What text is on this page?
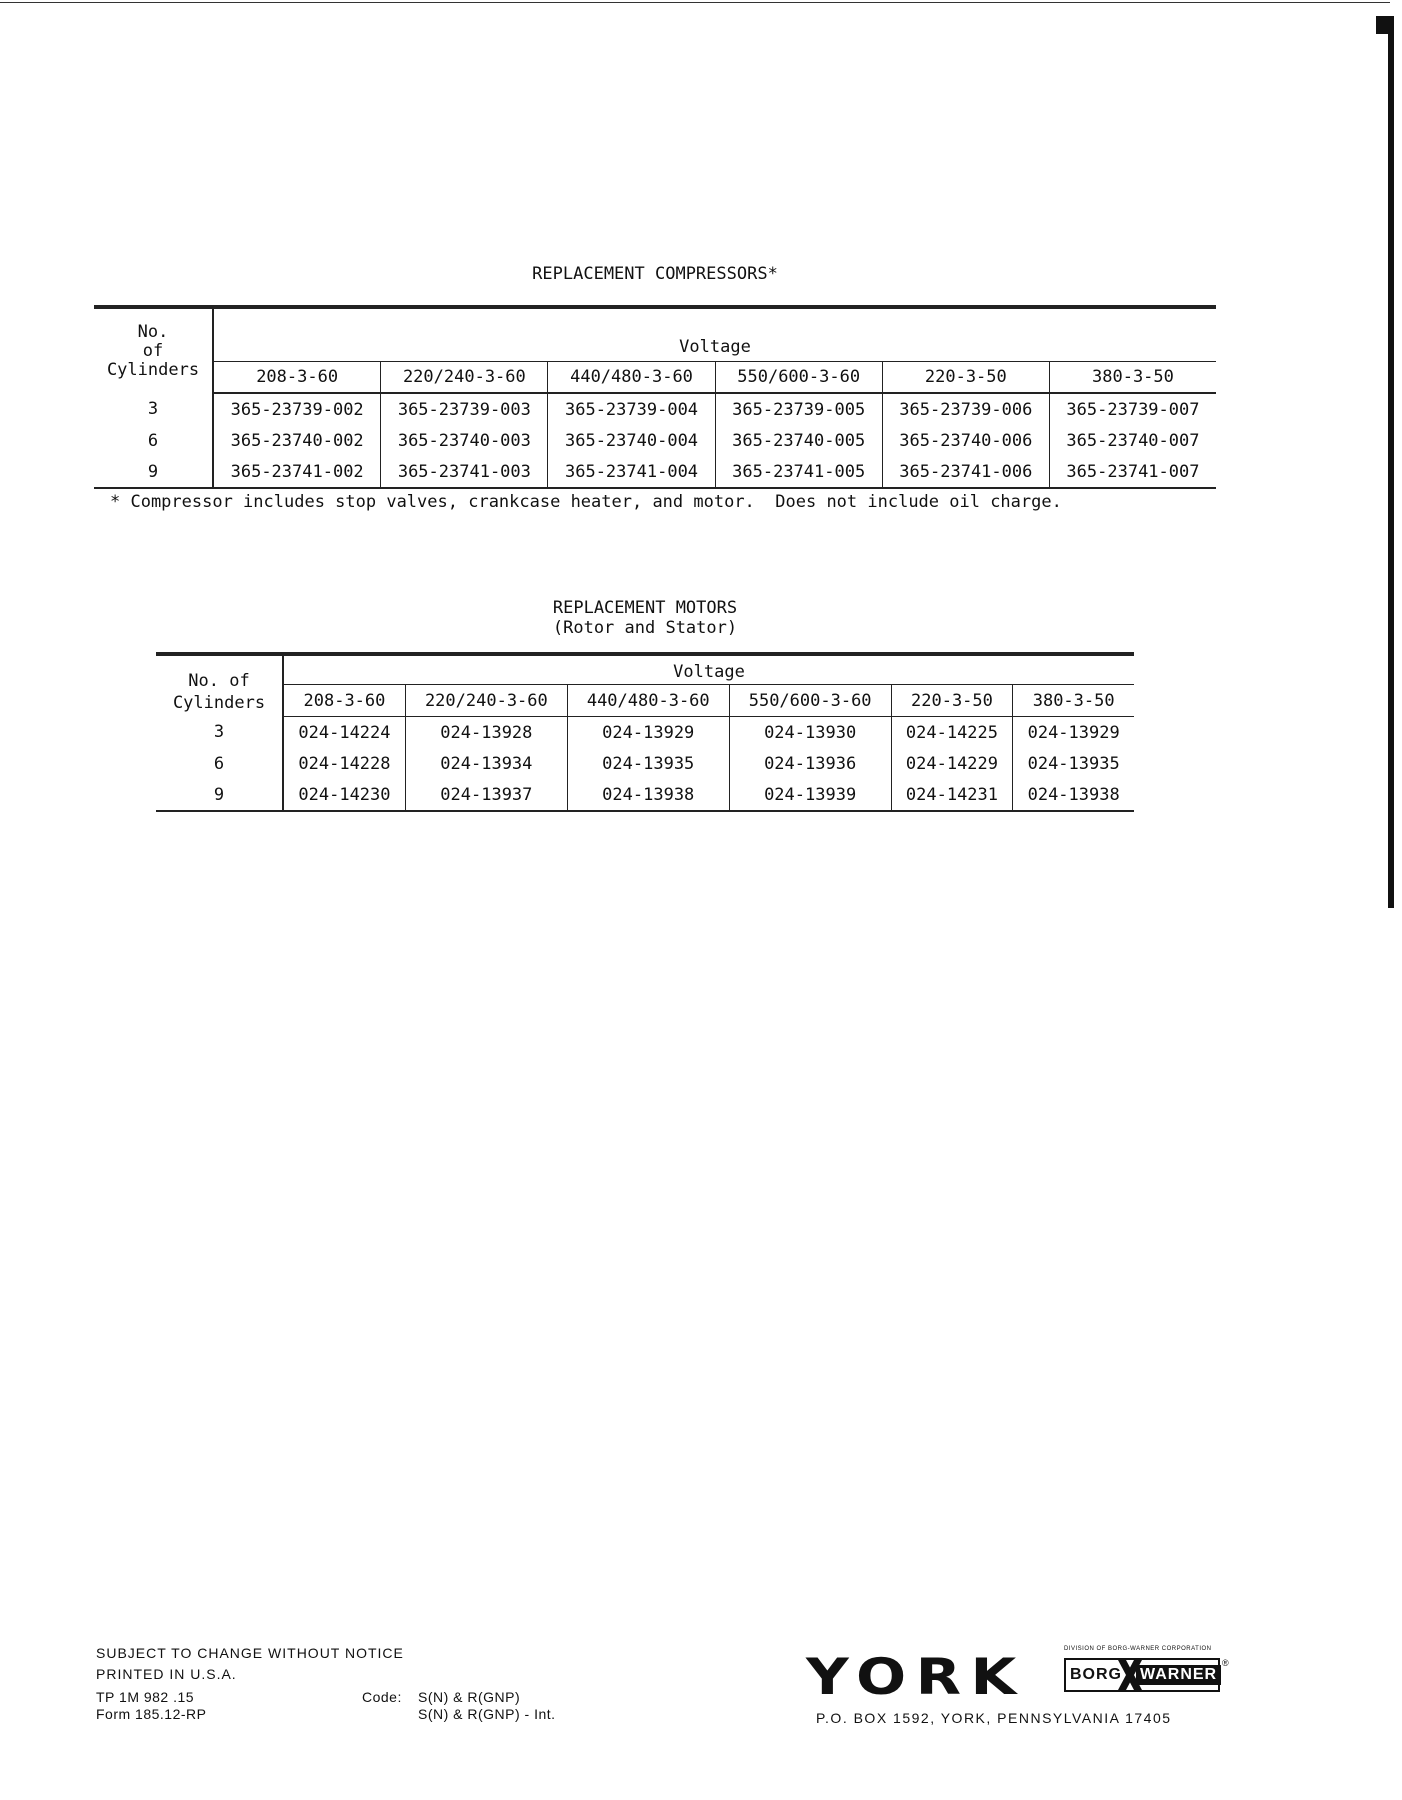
REPLACEMENT COMPRESSORS*
No.
of
Cylinders	Voltage					
	208-3-60	220/240-3-60	440/480-3-60	550/600-3-60	220-3-50	380-3-50
3	365-23739-002	365-23739-003	365-23739-004	365-23739-005	365-23739-006	365-23739-007
6	365-23740-002	365-23740-003	365-23740-004	365-23740-005	365-23740-006	365-23740-007
9	365-23741-002	365-23741-003	365-23741-004	365-23741-005	365-23741-006	365-23741-007
* Compressor includes stop valves, crankcase heater, and motor.  Does not include oil charge.
REPLACEMENT MOTORS
(Rotor and Stator)
No. of
Cylinders	Voltage					
	208-3-60	220/240-3-60	440/480-3-60	550/600-3-60	220-3-50	380-3-50
3	024-14224	024-13928	024-13929	024-13930	024-14225	024-13929
6	024-14228	024-13934	024-13935	024-13936	024-14229	024-13935
9	024-14230	024-13937	024-13938	024-13939	024-14231	024-13938
SUBJECT TO CHANGE WITHOUT NOTICE
PRINTED IN U.S.A.
TP 1M 982 .15
Form 185.12-RP
Code: S(N) & R(GNP)
S(N) & R(GNP) - Int.
YORK	DIVISION OF BORG-WARNER CORPORATION
BORG WARNER
®
P.O. BOX 1592, YORK, PENNSYLVANIA 17405
